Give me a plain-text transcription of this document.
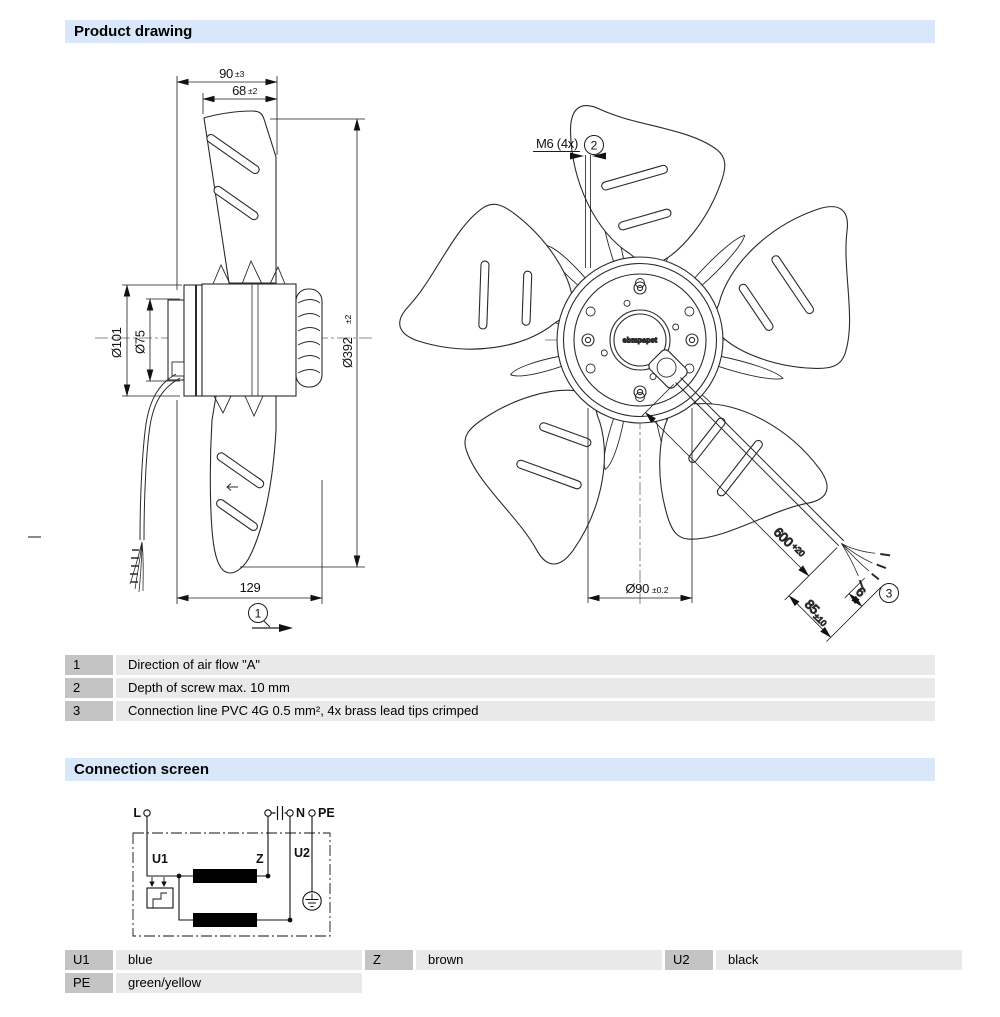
Product drawing
90 ±3
68 ±2
Ø392
±2
Ø101 Ø75
129
1
ebmpapst
600
+20
85
±10
6
M6 (4x) 2
Ø90 ±0.2	3
1	Direction of air flow "A"
2	Depth of screw max. 10 mm
3	Connection line PVC 4G 0.5 mm², 4x brass lead tips crimped
Connection screen
L	N PE
U1	Z U2
U1	blue	Z	brown	U2	black
PE	green/yellow
